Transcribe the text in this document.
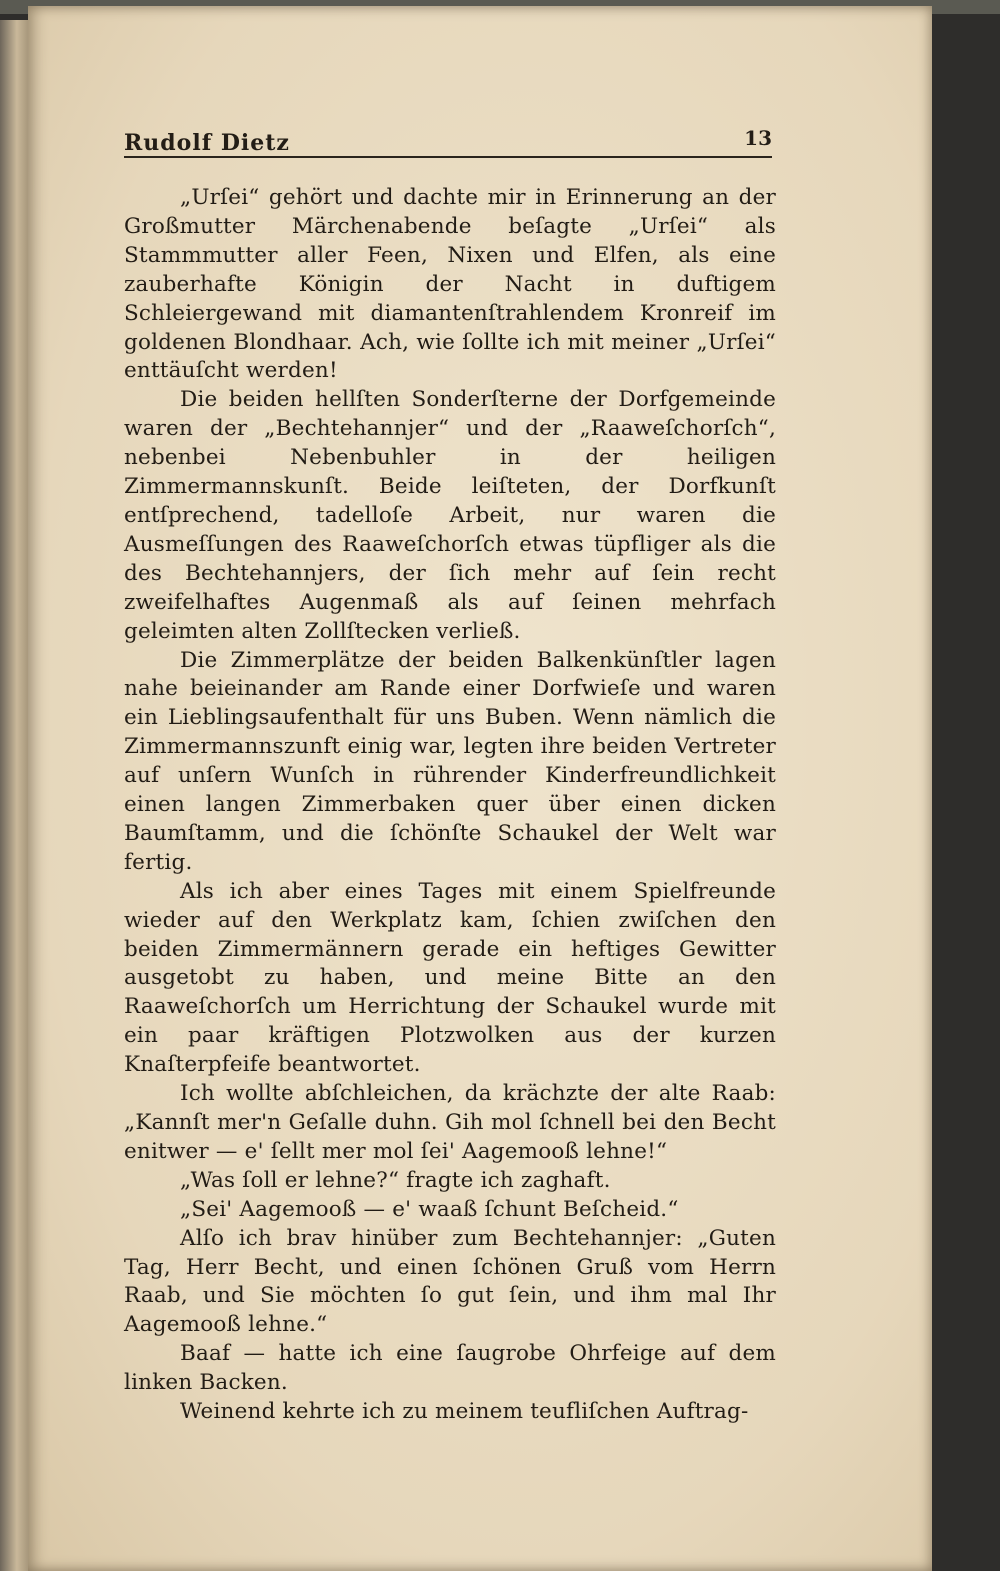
Rudolf Dietz	13

„Urſei“ gehört und dachte mir in Erinnerung an der Großmutter Märchenabende beſagte „Urſei“ als Stammmutter aller Feen, Nixen und Elfen, als eine zauberhafte Königin der Nacht in duftigem Schleiergewand mit diamantenſtrahlendem Kronreif im goldenen Blondhaar. Ach, wie ſollte ich mit meiner „Urſei“ enttäuſcht werden!

Die beiden hellſten Sonderſterne der Dorfgemeinde waren der „Bechtehannjer“ und der „Raaweſchorſch“, nebenbei Nebenbuhler in der heiligen Zimmermannskunſt. Beide leiſteten, der Dorfkunſt entſprechend, tadelloſe Arbeit, nur waren die Ausmeſſungen des Raaweſchorſch etwas tüpfliger als die des Bechtehannjers, der ſich mehr auf ſein recht zweifelhaftes Augenmaß als auf ſeinen mehrfach geleimten alten Zollſtecken verließ.

Die Zimmerplätze der beiden Balkenkünſtler lagen nahe beieinander am Rande einer Dorfwieſe und waren ein Lieblingsaufenthalt für uns Buben. Wenn nämlich die Zimmermannszunft einig war, legten ihre beiden Vertreter auf unſern Wunſch in rührender Kinderfreundlichkeit einen langen Zimmerbaken quer über einen dicken Baumſtamm, und die ſchönſte Schaukel der Welt war fertig.

Als ich aber eines Tages mit einem Spielfreunde wieder auf den Werkplatz kam, ſchien zwiſchen den beiden Zimmermännern gerade ein heftiges Gewitter ausgetobt zu haben, und meine Bitte an den Raaweſchorſch um Herrichtung der Schaukel wurde mit ein paar kräftigen Plotzwolken aus der kurzen Knaſterpfeife beantwortet.

Ich wollte abſchleichen, da krächzte der alte Raab: „Kannſt mer'n Geſalle duhn. Gih mol ſchnell bei den Becht enitwer — e' ſellt mer mol ſei' Aagemooß lehne!“

„Was ſoll er lehne?“ fragte ich zaghaft.

„Sei' Aagemooß — e' waaß ſchunt Beſcheid.“

Alſo ich brav hinüber zum Bechtehannjer: „Guten Tag, Herr Becht, und einen ſchönen Gruß vom Herrn Raab, und Sie möchten ſo gut ſein, und ihm mal Ihr Aagemooß lehne.“

Baaf — hatte ich eine ſaugrobe Ohrfeige auf dem linken Backen.

Weinend kehrte ich zu meinem teufliſchen Auftrag-
